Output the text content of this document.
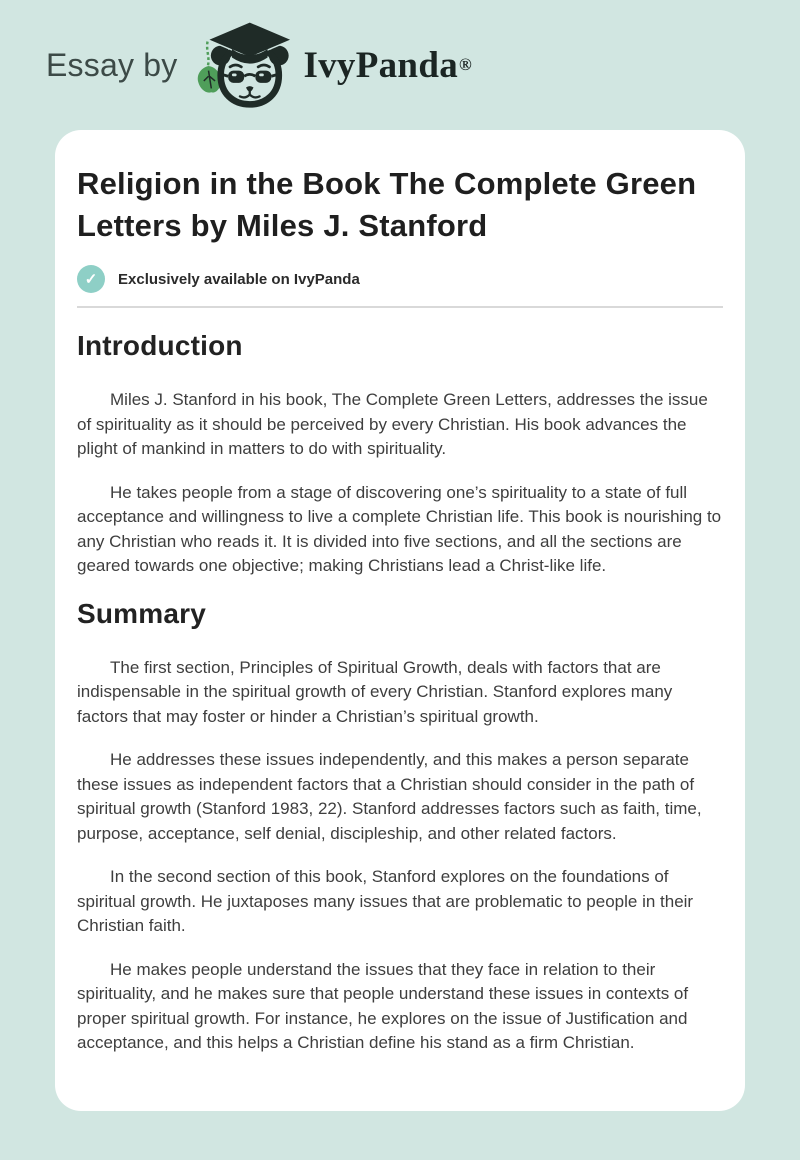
Essay by	IvyPanda ®
Religion in the Book The Complete Green Letters by Miles J. Stanford
✓	Exclusively available on IvyPanda
Introduction

Miles J. Stanford in his book, The Complete Green Letters, addresses the issue of spirituality as it should be perceived by every Christian. His book advances the plight of mankind in matters to do with spirituality.

He takes people from a stage of discovering one’s spirituality to a state of full acceptance and willingness to live a complete Christian life. This book is nourishing to any Christian who reads it. It is divided into five sections, and all the sections are geared towards one objective; making Christians lead a Christ-like life.

Summary

The first section, Principles of Spiritual Growth, deals with factors that are indispensable in the spiritual growth of every Christian. Stanford explores many factors that may foster or hinder a Christian’s spiritual growth.

He addresses these issues independently, and this makes a person separate these issues as independent factors that a Christian should consider in the path of spiritual growth (Stanford 1983, 22). Stanford addresses factors such as faith, time, purpose, acceptance, self denial, discipleship, and other related factors.

In the second section of this book, Stanford explores on the foundations of spiritual growth. He juxtaposes many issues that are problematic to people in their Christian faith.

He makes people understand the issues that they face in relation to their spirituality, and he makes sure that people understand these issues in contexts of proper spiritual growth. For instance, he explores on the issue of Justification and acceptance, and this helps a Christian define his stand as a firm Christian.
